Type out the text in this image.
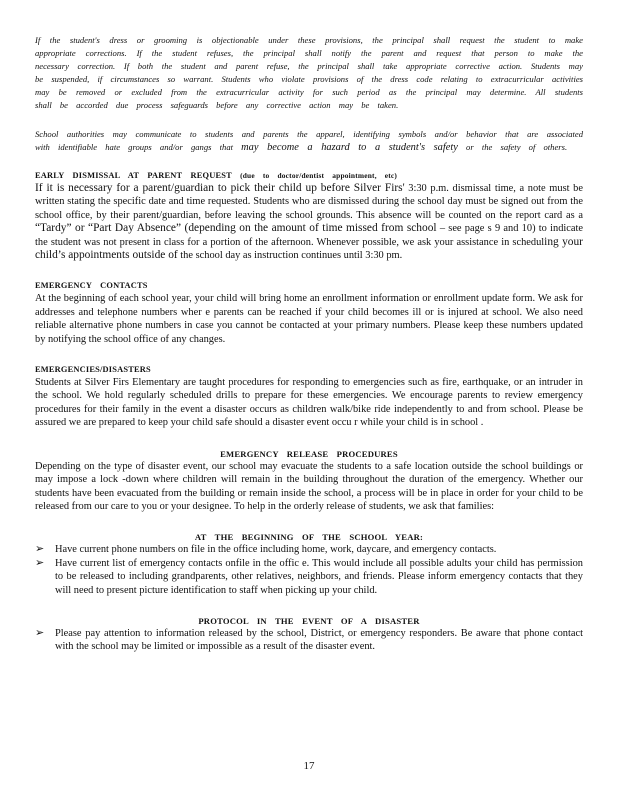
If the student's dress or grooming is objectionable under these provisions, the principal shall request the student to make appropriate corrections. If the student refuses, the principal shall notify the parent and request that person to make the necessary correction. If both the student and parent refuse, the principal shall take appropriate corrective action. Students may be suspended, if circumstances so warrant. Students who violate provisions of the dress code relating to extracurricular activities may be removed or excluded from the extracurricular activity for such period as the principal may determine. All students shall be accorded due process safeguards before any corrective action may be taken.

School authorities may communicate to students and parents the apparel, identifying symbols and/or behavior that are associated with identifiable hate groups and/or gangs that may become a hazard to a student's safety or the safety of others.

EARLY DISMISSAL AT PARENT REQUEST (due to doctor/dentist appointment, etc)

If it is necessary for a parent/guardian to pick their child up before Silver Firs' 3:30 p.m. dismissal time, a note must be written stating the specific date and time requested. Students who are dismissed during the school day must be signed out from the school office, by their parent/guardian, before leaving the school grounds. This absence will be counted on the report card as a “Tardy” or “Part Day Absence” (depending on the amount of time missed from school – see page s 9 and 10) to indicate the student was not present in class for a portion of the afternoon. Whenever possible, we ask your assistance in scheduling your child’s appointments outside of the school day as instruction continues until 3:30 pm.

EMERGENCY CONTACTS

At the beginning of each school year, your child will bring home an enrollment information or enrollment update form. We ask for addresses and telephone numbers wher e parents can be reached if your child becomes ill or is injured at school. We also need reliable alternative phone numbers in case you cannot be contacted at your primary numbers. Please keep these numbers updated by notifying the school office of any changes.

EMERGENCIES/DISASTERS

Students at Silver Firs Elementary are taught procedures for responding to emergencies such as fire, earthquake, or an intruder in the school. We hold regularly scheduled drills to prepare for these emergencies. We encourage parents to review emergency procedures for their family in the event a disaster occurs as children walk/bike ride independently to and from school. Please be assured we are prepared to keep your child safe should a disaster event occu r while your child is in school .

EMERGENCY RELEASE PROCEDURES

Depending on the type of disaster event, our school may evacuate the students to a safe location outside the school buildings or may impose a lock -down where children will remain in the building throughout the duration of the emergency. Whether our students have been evacuated from the building or remain inside the school, a process will be in place in order for your child to be released from our care to you or your designee. To help in the orderly release of students, we ask that families:

AT THE BEGINNING OF THE SCHOOL YEAR:

➢ Have current phone numbers on file in the office including home, work, daycare, and emergency contacts.
➢ Have current list of emergency contacts onfile in the offic e. This would include all possible adults your child has permission to be released to including grandparents, other relatives, neighbors, and friends. Please inform emergency contacts that they will need to present picture identification to staff when picking up your child.

PROTOCOL IN THE EVENT OF A DISASTER

➢ Please pay attention to information released by the school, District, or emergency responders. Be aware that phone contact with the school may be limited or impossible as a result of the disaster event.
17
